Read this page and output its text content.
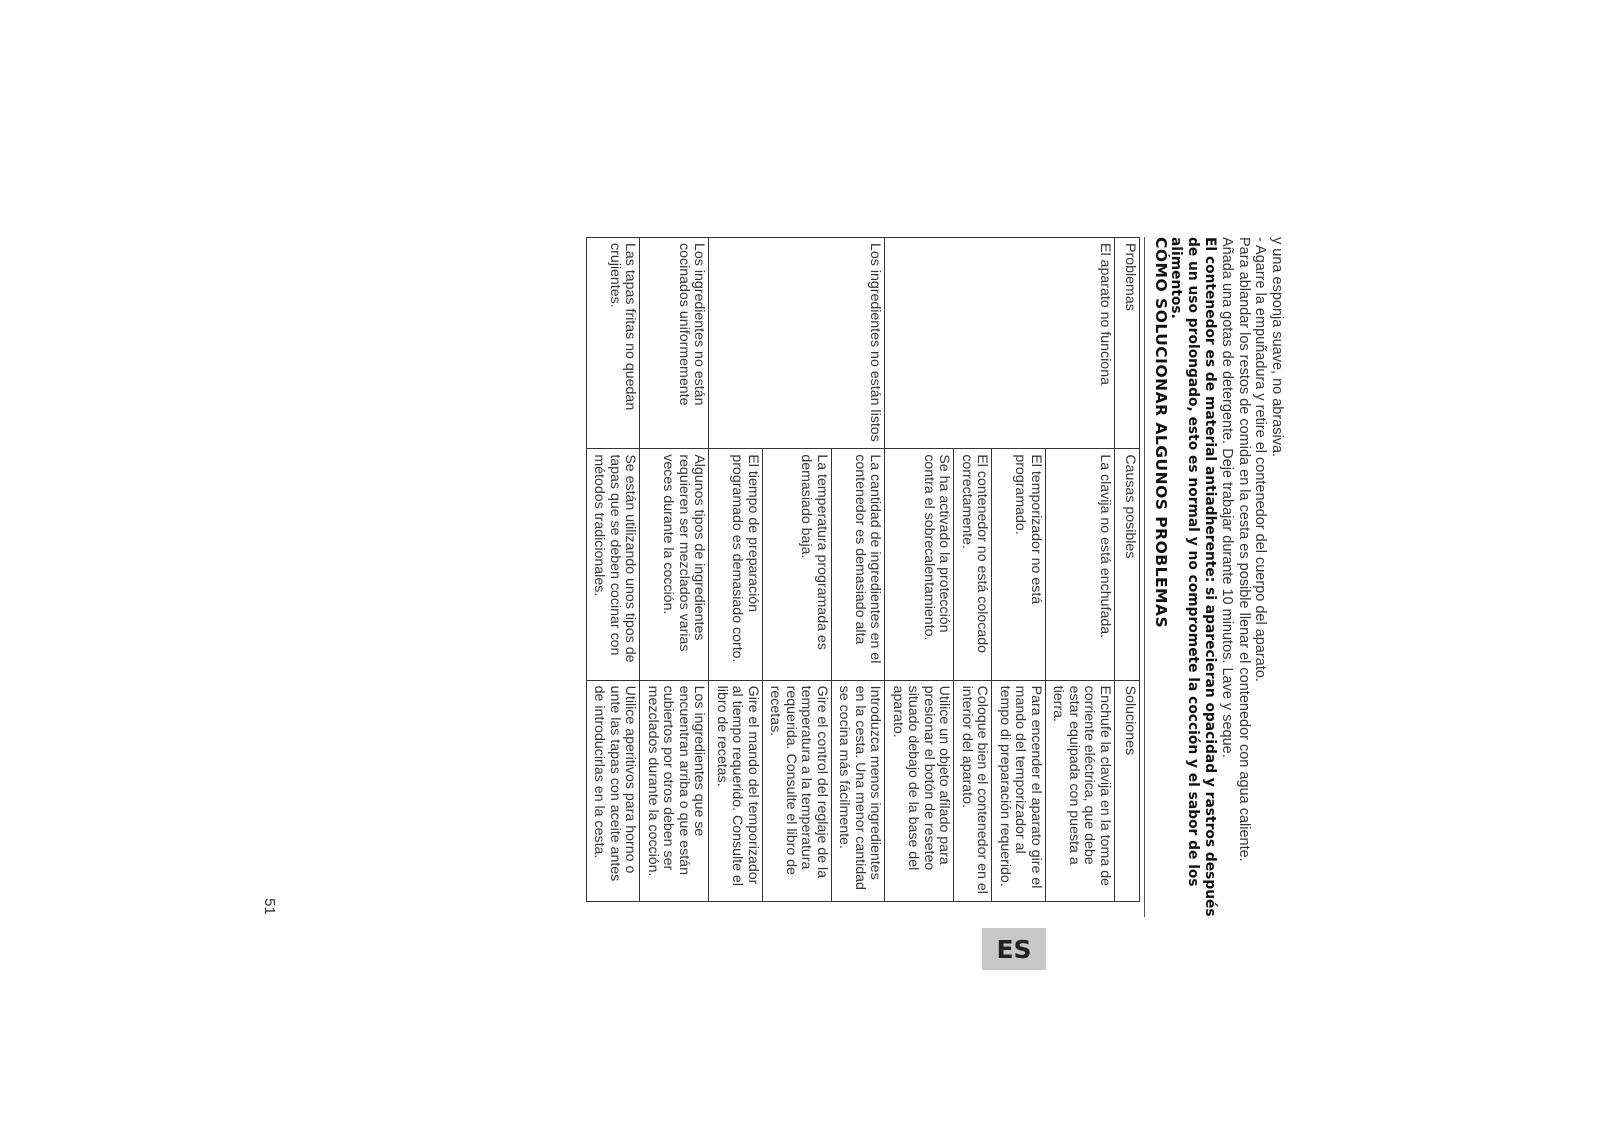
y una esponja suave, no abrasiva.

- Agarre la empuñadura y retire el contenedor del cuerpo del aparato.

Para ablandar los restos de comida en la cesta es posible llenar el contenedor con agua caliente.

Añada una gotas de detergente. Deje trabajar durante 10 minutos. Lave y seque.

El contenedor es de material antiadherente: si aparecieran opacidad y rastros después de un uso prolongado, esto es normal y no compromete la cocción y el sabor de los alimentos.

CÓMO SOLUCIONAR ALGUNOS PROBLEMAS
Problemas	Causas posibles	Soluciones
El aparato no funciona	La clavija no está enchufada.	Enchufe la clavija en la toma de corriente eléctrica, que debe estar equipada con puesta a tierra.
	El temporizador no está programado.	Para encender el aparato gire el mando del temporizador al tempo di preparación requerido.
	El contenedor no está colocado correctamente.	Coloque bien el contenedor en el interior del aparato.
	Se ha activado la protección contra el sobrecalentamiento.	Utilice un objeto afilado para presionar el botón de reseteo situado debajo de la base del aparato.
Los ingredientes no están listos	La cantidad de ingredientes en el contenedor es demasiado alta	Introduzca menos ingredientes en la cesta. Una menor cantidad se cocina más fácilmente.
	La temperatura programada es demasiado baja.	Gire el control del reglaje de la temperatura a la temperatura requerida. Consulte el libro de recetas.
	El tiempo de preparación programado es demasiado corto.	Gire el mando del temporizador al tiempo requerido. Consulte el libro de recetas.
Los ingredientes no están cocinados uniformemente	Algunos tipos de ingredientes requieren ser mezclados varias veces durante la cocción.	Los ingredientes que se encuentran arriba o que están cubiertos por otros deben ser mezclados durante la cocción.
Las tapas fritas no quedan crujientes.	Se están utilizando unos tipos de tapas que se deben cocinar con métodos tradicionales.	Utilice aperitivos para horno o unte las tapas con aceite antes de introducirlas en la cesta.
ES
51
